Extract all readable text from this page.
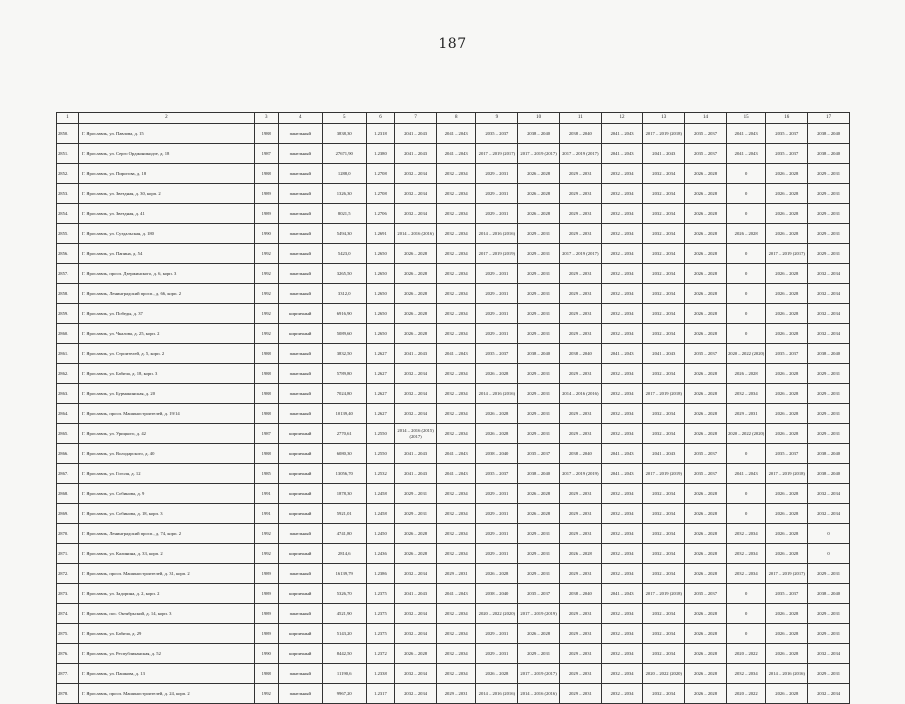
187
1	2	3	4	5	6	7	8	9	10	11	12	13	14	15	16	17
2850.	Г. Ярославль, ул. Павлова, д. 15	1988	панельный	3838,30	1.2318	2041 – 2043	2041 – 2043	2035 – 2037	2038 – 2040	2038 – 2040	2041 – 2043	2017 – 2019 (2018)	2035 – 2037	2041 – 2043	2035 – 2037	2038 – 2040
2851.	Г. Ярославль, ул. Серго Орджоникидзе, д. 18	1987	панельный	27671,90	1.2380	2041 – 2043	2041 – 2043	2017 – 2019 (2017)	2017 – 2019 (2017)	2017 – 2019 (2017)	2041 – 2043	2041 – 2043	2035 – 2037	2041 – 2043	2035 – 2037	2038 – 2040
2852.	Г. Ярославль, ул. Пирогова, д. 18	1988	панельный	1288,0	1.2708	2032 – 2034	2032 – 2034	2029 – 2031	2026 – 2028	2029 – 2031	2032 – 2034	2032 – 2034	2026 – 2028	0	2026 – 2028	2029 – 2031
2853.	Г. Ярославль, ул. Звездная, д. 30, корп. 2	1989	панельный	1326,30	1.2708	2032 – 2034	2032 – 2034	2029 – 2031	2026 – 2028	2029 – 2031	2032 – 2034	2032 – 2034	2026 – 2028	0	2026 – 2028	2029 – 2031
2854.	Г. Ярославль, ул. Звездная, д. 41	1989	панельный	8021,5	1.2706	2032 – 2034	2032 – 2034	2029 – 2031	2026 – 2028	2029 – 2031	2032 – 2034	2032 – 2034	2026 – 2028	0	2026 – 2028	2029 – 2031
2855.	Г. Ярославль, ул. Суздальская, д. 180	1990	панельный	5494,30	1.2691	2014 – 2016 (2016)	2032 – 2034	2014 – 2016 (2016)	2029 – 2031	2029 – 2031	2032 – 2034	2032 – 2034	2026 – 2028	2026 – 2028	2026 – 2028	2029 – 2031
2856.	Г. Ярославль, ул. Папина, д. 54	1992	панельный	5423,0	1.2650	2026 – 2028	2032 – 2034	2017 – 2019 (2019)	2029 – 2031	2017 – 2019 (2017)	2032 – 2034	2032 – 2034	2026 – 2028	0	2017 – 2019 (2017)	2029 – 2031
2857.	Г. Ярославль, просп. Дзержинского, д. 6, корп. 3	1992	панельный	3265,50	1.2650	2026 – 2028	2032 – 2034	2029 – 2031	2029 – 2031	2029 – 2031	2032 – 2034	2032 – 2034	2026 – 2028	0	2026 – 2028	2032 – 2034
2858.	Г. Ярославль, Ленинградский просп., д. 66, корп. 2	1992	панельный	3312,0	1.2650	2026 – 2028	2032 – 2034	2029 – 2031	2029 – 2031	2029 – 2031	2032 – 2034	2032 – 2034	2026 – 2028	0	2026 – 2028	2032 – 2034
2859.	Г. Ярославль, ул. Победы, д. 37	1992	кирпичный	6916,90	1.2650	2026 – 2028	2032 – 2034	2029 – 2031	2029 – 2031	2029 – 2031	2032 – 2034	2032 – 2034	2026 – 2028	0	2026 – 2028	2032 – 2034
2860.	Г. Ярославль, ул. Чкалова, д. 25, корп. 2	1992	кирпичный	5089,60	1.2650	2026 – 2028	2032 – 2034	2029 – 2031	2029 – 2031	2029 – 2031	2032 – 2034	2032 – 2034	2026 – 2028	0	2026 – 2028	2032 – 2034
2861.	Г. Ярославль, ул. Строителей, д. 5, корп. 2	1988	панельный	3832,50	1.2627	2041 – 2043	2041 – 2043	2035 – 2037	2038 – 2040	2038 – 2040	2041 – 2043	2041 – 2043	2035 – 2037	2020 – 2022 (2020)	2035 – 2037	2038 – 2040
2862.	Г. Ярославль, ул. Бабича, д. 18, корп. 3	1988	панельный	5789,80	1.2627	2032 – 2034	2032 – 2034	2026 – 2028	2029 – 2031	2029 – 2031	2032 – 2034	2032 – 2034	2026 – 2028	2026 – 2028	2026 – 2028	2029 – 2031
2863.	Г. Ярославль, ул. Бурмакинская, д. 20	1988	панельный	7024,80	1.2627	2032 – 2034	2032 – 2034	2014 – 2016 (2016)	2029 – 2031	2014 – 2016 (2016)	2032 – 2034	2017 – 2019 (2018)	2026 – 2028	2032 – 2034	2026 – 2028	2029 – 2031
2864.	Г. Ярославль, просп. Машиностроителей, д. 19/14	1988	панельный	10139,40	1.2627	2032 – 2034	2032 – 2034	2026 – 2028	2029 – 2031	2029 – 2031	2032 – 2034	2032 – 2034	2026 – 2028	2029 – 2031	2026 – 2028	2029 – 2031
2865.	Г. Ярославль, ул. Урицкого, д. 42	1987	кирпичный	2770,61	1.2550	2014 – 2016 (2015)(2017)	2032 – 2034	2026 – 2028	2029 – 2031	2029 – 2031	2032 – 2034	2032 – 2034	2026 – 2028	2020 – 2022 (2020)	2026 – 2028	2029 – 2031
2866.	Г. Ярославль, ул. Володарского, д. 40	1988	кирпичный	6080,30	1.2550	2041 – 2043	2041 – 2043	2038 – 2040	2035 – 2037	2038 – 2040	2041 – 2043	2041 – 2043	2035 – 2037	0	2035 – 2037	2038 – 2040
2867.	Г. Ярославль, ул. Гоголя, д. 12	1985	кирпичный	13056,70	1.2532	2041 – 2043	2041 – 2043	2035 – 2037	2038 – 2040	2017 – 2019 (2019)	2041 – 2043	2017 – 2019 (2019)	2035 – 2037	2041 – 2043	2017 – 2019 (2018)	2038 – 2040
2868.	Г. Ярославль, ул. Собинова, д. 9	1991	кирпичный	1878,30	1.2458	2029 – 2031	2032 – 2034	2029 – 2031	2026 – 2028	2029 – 2031	2032 – 2034	2032 – 2034	2026 – 2028	0	2026 – 2028	2032 – 2034
2869.	Г. Ярославль, ул. Собинова, д. 18, корп. 3	1991	кирпичный	5921,01	1.2458	2029 – 2031	2032 – 2034	2029 – 2031	2026 – 2028	2029 – 2031	2032 – 2034	2032 – 2034	2026 – 2028	0	2026 – 2028	2032 – 2034
2870.	Г. Ярославль, Ленинградский просп., д. 74, корп. 2	1992	панельный	4741,80	1.2450	2026 – 2028	2032 – 2034	2029 – 2031	2029 – 2031	2029 – 2031	2032 – 2034	2032 – 2034	2026 – 2028	2032 – 2034	2026 – 2028	0
2871.	Г. Ярославль, ул. Калинина, д. 33, корп. 2	1992	кирпичный	2814,6	1.2436	2026 – 2028	2032 – 2034	2029 – 2031	2029 – 2031	2026 – 2028	2032 – 2034	2032 – 2034	2026 – 2028	2032 – 2034	2026 – 2028	0
2872.	Г. Ярославль, просп. Машиностроителей, д. 31, корп. 2	1989	панельный	16139,79	1.2386	2032 – 2034	2029 – 2031	2026 – 2028	2029 – 2031	2029 – 2031	2032 – 2034	2032 – 2034	2026 – 2028	2032 – 2034	2017 – 2019 (2017)	2029 – 2031
2873.	Г. Ярославль, ул. Задорина, д. 2, корп. 2	1989	кирпичный	5326,70	1.2375	2041 – 2043	2041 – 2043	2038 – 2040	2035 – 2037	2038 – 2040	2041 – 2043	2017 – 2019 (2018)	2035 – 2037	0	2035 – 2037	2038 – 2040
2874.	Г. Ярославль, пос. Октябрьский, д. 14, корп. 3	1989	панельный	4521,90	1.2375	2032 – 2034	2032 – 2034	2020 – 2022 (2020)	2017 – 2019 (2019)	2029 – 2031	2032 – 2034	2032 – 2034	2026 – 2028	0	2026 – 2028	2029 – 2031
2875.	Г. Ярославль, ул. Бабича, д. 29	1989	кирпичный	5143,20	1.2375	2032 – 2034	2032 – 2034	2029 – 2031	2026 – 2028	2029 – 2031	2032 – 2034	2032 – 2034	2026 – 2028	0	2026 – 2028	2029 – 2031
2876.	Г. Ярославль, ул. Республиканская, д. 52	1990	кирпичный	8442,50	1.2372	2026 – 2028	2032 – 2034	2029 – 2031	2029 – 2031	2029 – 2031	2032 – 2034	2032 – 2034	2026 – 2028	2020 – 2022	2026 – 2028	2032 – 2034
2877.	Г. Ярославль, ул. Пашкова, д. 13	1988	панельный	11190,6	1.2338	2032 – 2034	2032 – 2034	2026 – 2028	2017 – 2019 (2017)	2029 – 2031	2032 – 2034	2020 – 2022 (2020)	2026 – 2028	2032 – 2034	2014 – 2016 (2016)	2029 – 2031
2878.	Г. Ярославль, просп. Машиностроителей, д. 24, корп. 2	1992	панельный	9967,20	1.2317	2032 – 2034	2029 – 2031	2014 – 2016 (2016)	2014 – 2016 (2016)	2029 – 2031	2032 – 2034	2032 – 2034	2026 – 2028	2020 – 2022	2026 – 2028	2032 – 2034
